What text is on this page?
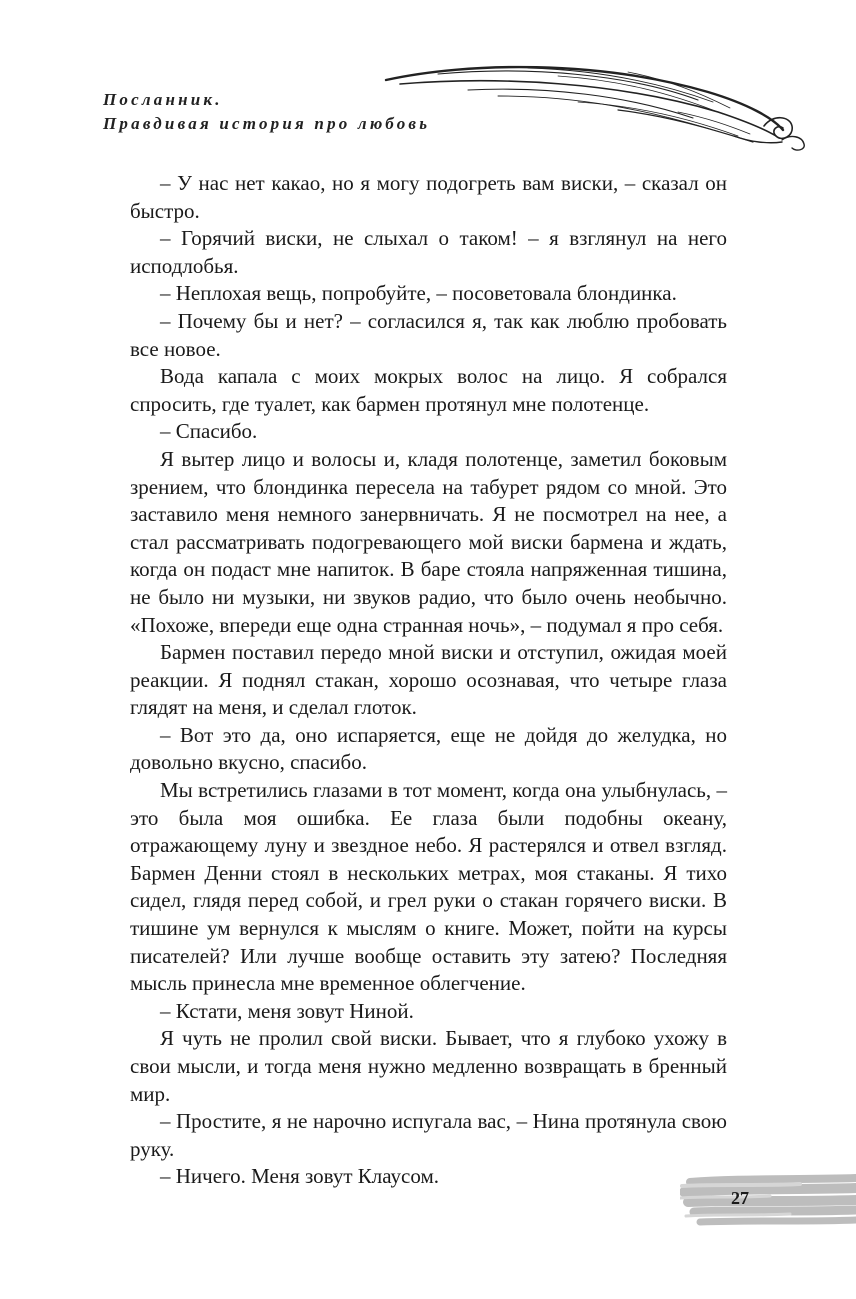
Посланник.
Правдивая история про любовь

– У нас нет какао, но я могу подогреть вам виски, – сказал он быстро.

– Горячий виски, не слыхал о таком! – я взглянул на него исподлобья.

– Неплохая вещь, попробуйте, – посоветовала блондинка.

– Почему бы и нет? – согласился я, так как люблю пробовать все новое.

Вода капала с моих мокрых волос на лицо. Я собрался спросить, где туалет, как бармен протянул мне полотенце.

– Спасибо.

Я вытер лицо и волосы и, кладя полотенце, заметил боковым зрением, что блондинка пересела на табурет рядом со мной. Это заставило меня немного занервничать. Я не посмотрел на нее, а стал рассматривать подогревающего мой виски бармена и ждать, когда он подаст мне напиток. В баре стояла напряженная тишина, не было ни музыки, ни звуков радио, что было очень необычно. «Похоже, впереди еще одна странная ночь», – подумал я про себя.

Бармен поставил передо мной виски и отступил, ожидая моей реакции. Я поднял стакан, хорошо осознавая, что четыре глаза глядят на меня, и сделал глоток.

– Вот это да, оно испаряется, еще не дойдя до желудка, но довольно вкусно, спасибо.

Мы встретились глазами в тот момент, когда она улыбнулась, – это была моя ошибка. Ее глаза были подобны океану, отражающему луну и звездное небо. Я растерялся и отвел взгляд. Бармен Денни стоял в нескольких метрах, моя стаканы. Я тихо сидел, глядя перед собой, и грел руки о стакан горячего виски. В тишине ум вернулся к мыслям о книге. Может, пойти на курсы писателей? Или лучше вообще оставить эту затею? Последняя мысль принесла мне временное облегчение.

– Кстати, меня зовут Ниной.

Я чуть не пролил свой виски. Бывает, что я глубоко ухожу в свои мысли, и тогда меня нужно медленно возвращать в бренный мир.

– Простите, я не нарочно испугала вас, – Нина протянула свою руку.

– Ничего. Меня зовут Клаусом.

27
